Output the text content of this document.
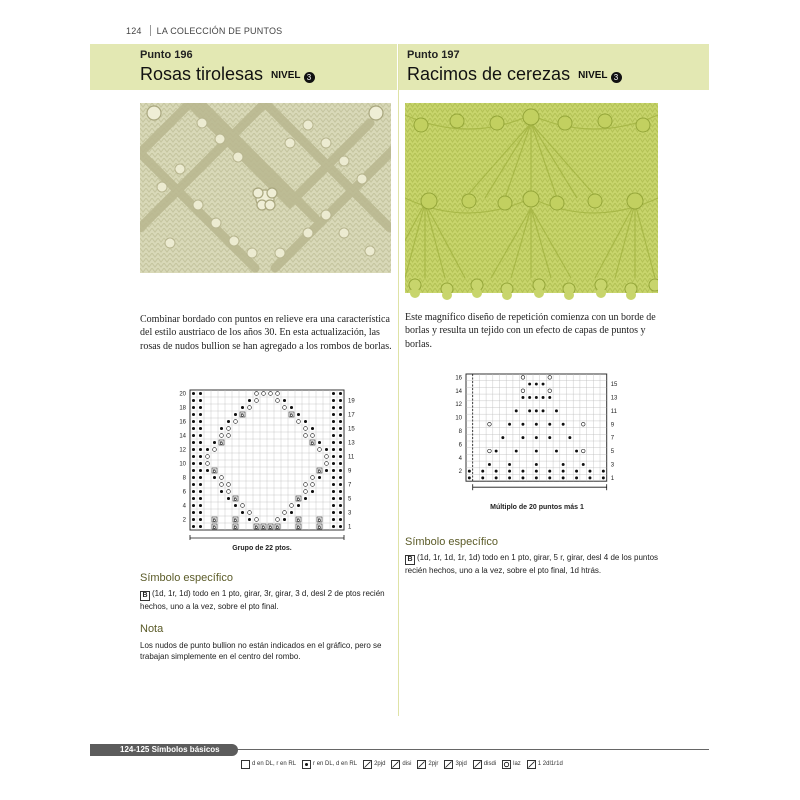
124 LA COLECCIÓN DE PUNTOS
Punto 196
Rosas tirolesas NIVEL 3
Punto 197
Racimos de cerezas NIVEL 3
Combinar bordado con puntos en relieve era una característica del estilo austriaco de los años 30. En esta actualización, las rosas de nudos bullion se han agregado a los rombos de borlas.
Este magnífico diseño de repetición comienza con un borde de borlas y resulta un tejido con un efecto de capas de puntos y borlas.
B	B
B	B
B	B
B	B
B	B	B	B
B	B	B B B B	B	B
20
18
16
14
12
10
8
6
4
2
19
17
15
13
11
9
7
5
3
1
Grupo de 22 ptos.
16
14
12
10
8
6
4
2
15
13
11
9
7
5
3
1
Múltiplo de 20 puntos más 1
Símbolo específico
B (1d, 1r, 1d) todo en 1 pto, girar, 3r, girar, 3 d, desl 2 de ptos recién hechos, uno a la vez, sobre el pto final.
Nota
Los nudos de punto bullion no están indicados en el gráfico, pero se trabajan simplemente en el centro del rombo.
Símbolo específico
B (1d, 1r, 1d, 1r, 1d) todo en 1 pto, girar, 5 r, girar, desl 4 de los puntos recién hechos, uno a la vez, sobre el pto final, 1d htrás.
124-125 Símbolos básicos
d en DL, r en RL	r en DL, d en RL	2pjd	disi	2pjr	3pjd	disdi	laz	1 2dl1r1d
